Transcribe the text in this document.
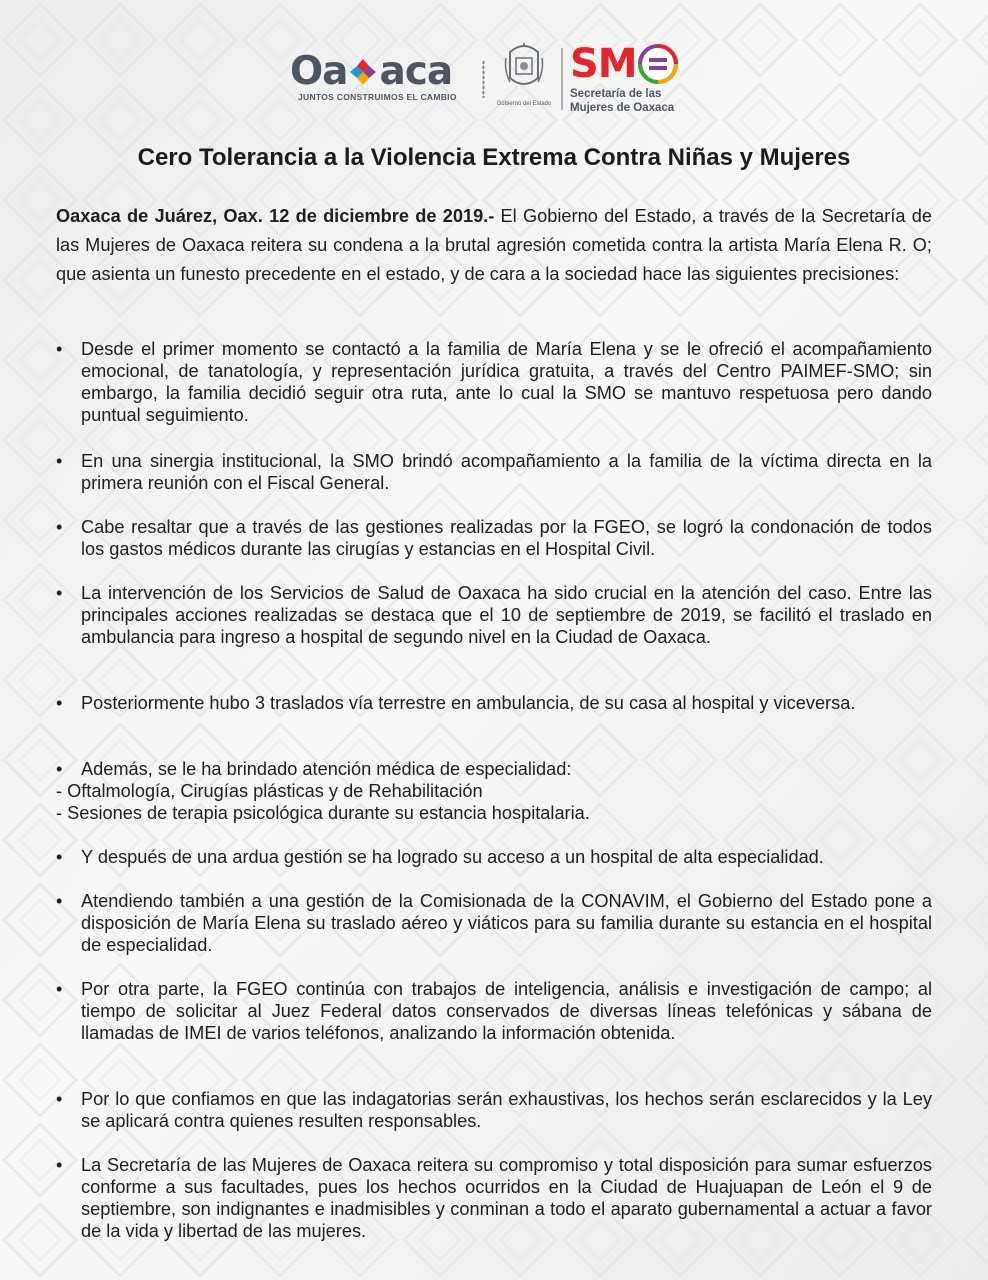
Oa aca
JUNTOS CONSTRUIMOS EL CAMBIO
Gobierno del Estado
SM
Secretaría de las
Mujeres de Oaxaca
Cero Tolerancia a la Violencia Extrema Contra Niñas y Mujeres

Oaxaca de Juárez, Oax. 12 de diciembre de 2019.- El Gobierno del Estado, a través de la Secretaría de las Mujeres de Oaxaca reitera su condena a la brutal agresión cometida contra la artista María Elena R. O; que asienta un funesto precedente en el estado, y de cara a la sociedad hace las siguientes precisiones:

•	Desde el primer momento se contactó a la familia de María Elena y se le ofreció el acompañamiento emocional, de tanatología, y representación jurídica gratuita, a través del Centro PAIMEF-SMO; sin embargo, la familia decidió seguir otra ruta, ante lo cual la SMO se mantuvo respetuosa pero dando puntual seguimiento.
•	En una sinergia institucional, la SMO brindó acompañamiento a la familia de la víctima directa en la primera reunión con el Fiscal General.
•	Cabe resaltar que a través de las gestiones realizadas por la FGEO, se logró la condonación de todos los gastos médicos durante las cirugías y estancias en el Hospital Civil.
•	La intervención de los Servicios de Salud de Oaxaca ha sido crucial en la atención del caso. Entre las principales acciones realizadas se destaca que el 10 de septiembre de 2019, se facilitó el traslado en ambulancia para ingreso a hospital de segundo nivel en la Ciudad de Oaxaca.
•	Posteriormente hubo 3 traslados vía terrestre en ambulancia, de su casa al hospital y viceversa.
•	Además, se le ha brindado atención médica de especialidad:
•	Y después de una ardua gestión se ha logrado su acceso a un hospital de alta especialidad.
•	Atendiendo también a una gestión de la Comisionada de la CONAVIM, el Gobierno del Estado pone a disposición de María Elena su traslado aéreo y viáticos para su familia durante su estancia en el hospital de especialidad.
•	Por otra parte, la FGEO continúa con trabajos de inteligencia, análisis e investigación de campo; al tiempo de solicitar al Juez Federal datos conservados de diversas líneas telefónicas y sábana de llamadas de IMEI de varios teléfonos, analizando la información obtenida.
•	Por lo que confiamos en que las indagatorias serán exhaustivas, los hechos serán esclarecidos y la Ley se aplicará contra quienes resulten responsables.
•	La Secretaría de las Mujeres de Oaxaca reitera su compromiso y total disposición para sumar esfuerzos conforme a sus facultades, pues los hechos ocurridos en la Ciudad de Huajuapan de León el 9 de septiembre, son indignantes e inadmisibles y conminan a todo el aparato gubernamental a actuar a favor de la vida y libertad de las mujeres.
- Oftalmología, Cirugías plásticas y de Rehabilitación
- Sesiones de terapia psicológica durante su estancia hospitalaria.
